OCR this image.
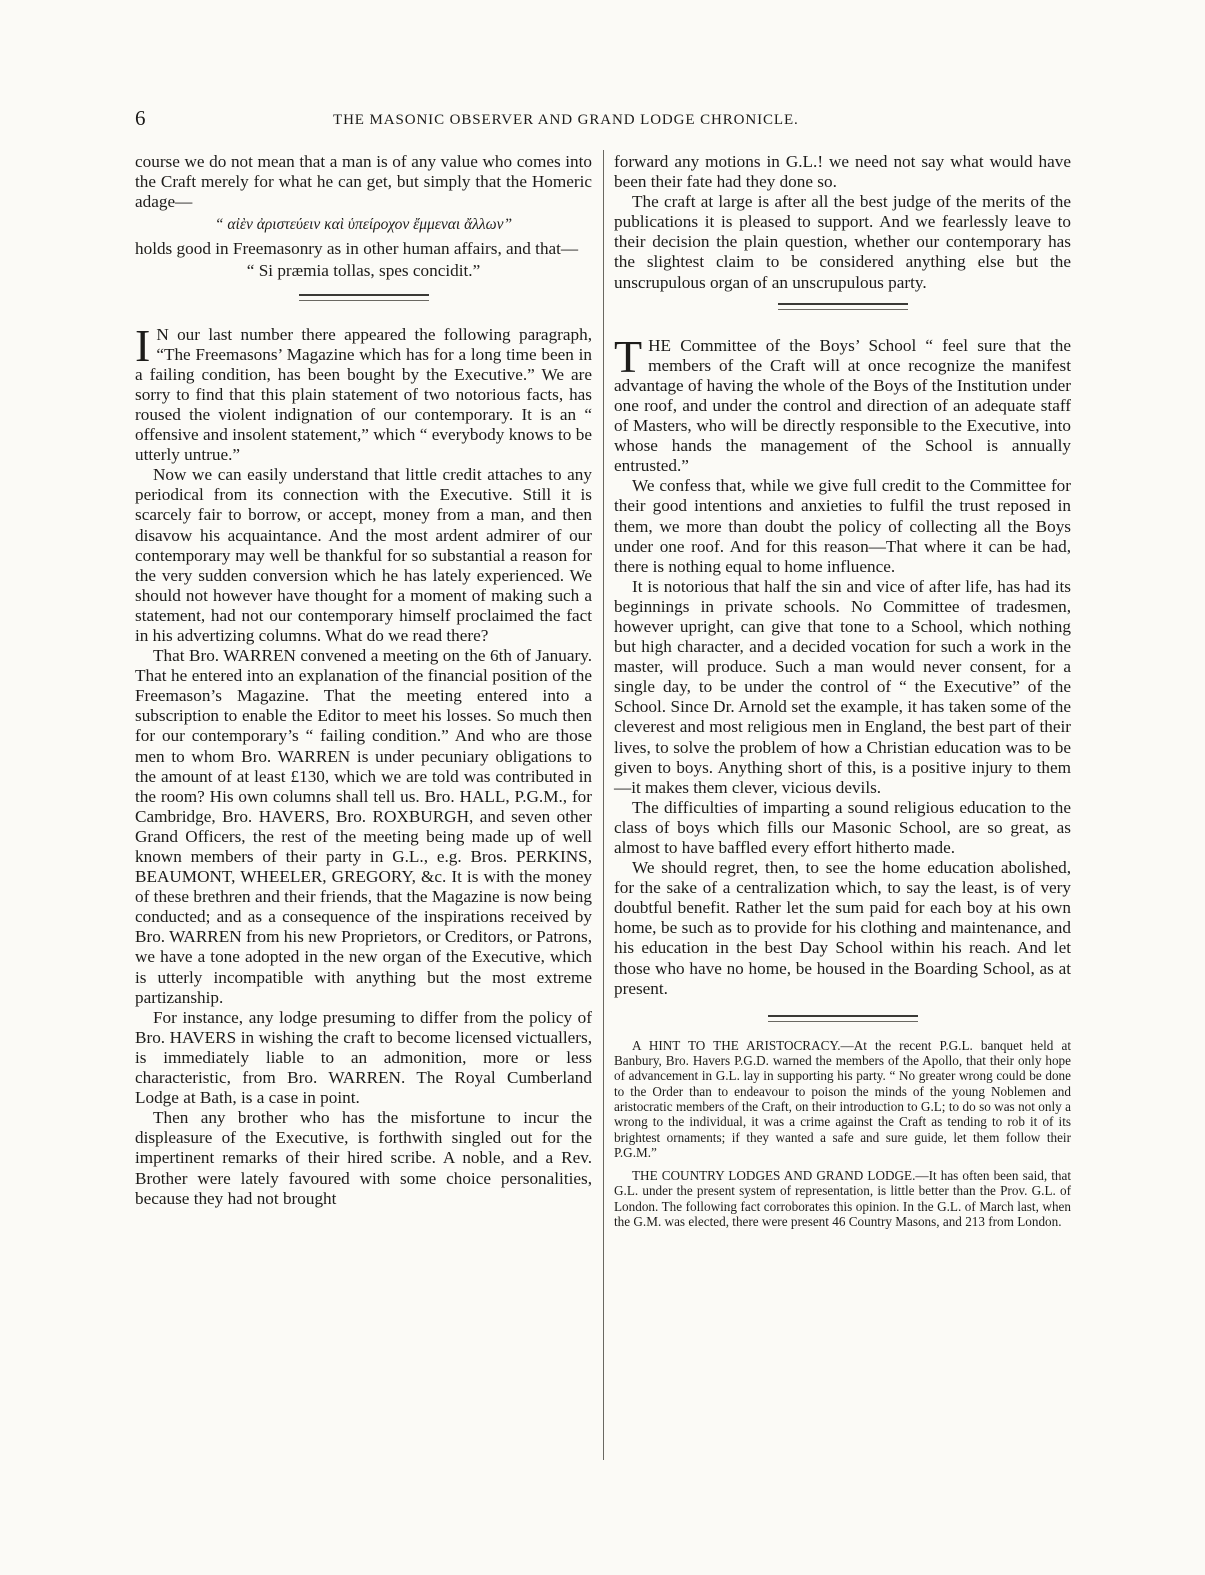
6	THE MASONIC OBSERVER AND GRAND LODGE CHRONICLE.

course we do not mean that a man is of any value who comes into the Craft merely for what he can get, but simply that the Homeric adage—

“ αἰὲν ἀριστεύειν καὶ ὑπείροχον ἔμμεναι ἄλλων”

holds good in Freemasonry as in other human affairs, and that—

“ Si præmia tollas, spes concidit.”

I N our last number there appeared the following paragraph, “The Freemasons’ Magazine which has for a long time been in a failing condition, has been bought by the Executive.” We are sorry to find that this plain statement of two notorious facts, has roused the violent indignation of our contemporary. It is an “ offensive and insolent statement,” which “ everybody knows to be utterly untrue.”

Now we can easily understand that little credit attaches to any periodical from its connection with the Executive. Still it is scarcely fair to borrow, or accept, money from a man, and then disavow his acquaintance. And the most ardent admirer of our contemporary may well be thankful for so substantial a reason for the very sudden conversion which he has lately experienced. We should not however have thought for a moment of making such a statement, had not our contemporary himself proclaimed the fact in his advertizing columns. What do we read there?

That Bro. WARREN convened a meeting on the 6th of January. That he entered into an explanation of the financial position of the Freemason’s Magazine. That the meeting entered into a subscription to enable the Editor to meet his losses. So much then for our contemporary’s “ failing condition.” And who are those men to whom Bro. WARREN is under pecuniary obligations to the amount of at least £130, which we are told was contributed in the room? His own columns shall tell us. Bro. HALL, P.G.M., for Cambridge, Bro. HAVERS, Bro. ROXBURGH, and seven other Grand Officers, the rest of the meeting being made up of well known members of their party in G.L., e.g. Bros. PERKINS, BEAUMONT, WHEELER, GREGORY, &c. It is with the money of these brethren and their friends, that the Magazine is now being conducted; and as a consequence of the inspirations received by Bro. WARREN from his new Proprietors, or Creditors, or Patrons, we have a tone adopted in the new organ of the Executive, which is utterly incompatible with anything but the most extreme partizanship.

For instance, any lodge presuming to differ from the policy of Bro. HAVERS in wishing the craft to become licensed victuallers, is immediately liable to an admonition, more or less characteristic, from Bro. WARREN. The Royal Cumberland Lodge at Bath, is a case in point.

Then any brother who has the misfortune to incur the displeasure of the Executive, is forthwith singled out for the impertinent remarks of their hired scribe. A noble, and a Rev. Brother were lately favoured with some choice personalities, because they had not brought

forward any motions in G.L.! we need not say what would have been their fate had they done so.

The craft at large is after all the best judge of the merits of the publications it is pleased to support. And we fearlessly leave to their decision the plain question, whether our contemporary has the slightest claim to be considered anything else but the unscrupulous organ of an unscrupulous party.

THE Committee of the Boys’ School “ feel sure that the members of the Craft will at once recognize the manifest advantage of having the whole of the Boys of the Institution under one roof, and under the control and direction of an adequate staff of Masters, who will be directly responsible to the Executive, into whose hands the management of the School is annually entrusted.”

We confess that, while we give full credit to the Committee for their good intentions and anxieties to fulfil the trust reposed in them, we more than doubt the policy of collecting all the Boys under one roof. And for this reason—That where it can be had, there is nothing equal to home influence.

It is notorious that half the sin and vice of after life, has had its beginnings in private schools. No Committee of tradesmen, however upright, can give that tone to a School, which nothing but high character, and a decided vocation for such a work in the master, will produce. Such a man would never consent, for a single day, to be under the control of “ the Executive” of the School. Since Dr. Arnold set the example, it has taken some of the cleverest and most religious men in England, the best part of their lives, to solve the problem of how a Christian education was to be given to boys. Anything short of this, is a positive injury to them—it makes them clever, vicious devils.

The difficulties of imparting a sound religious education to the class of boys which fills our Masonic School, are so great, as almost to have baffled every effort hitherto made.

We should regret, then, to see the home education abolished, for the sake of a centralization which, to say the least, is of very doubtful benefit. Rather let the sum paid for each boy at his own home, be such as to provide for his clothing and maintenance, and his education in the best Day School within his reach. And let those who have no home, be housed in the Boarding School, as at present.

A HINT TO THE ARISTOCRACY.—At the recent P.G.L. banquet held at Banbury, Bro. Havers P.G.D. warned the members of the Apollo, that their only hope of advancement in G.L. lay in supporting his party. “ No greater wrong could be done to the Order than to endeavour to poison the minds of the young Noblemen and aristocratic members of the Craft, on their introduction to G.L; to do so was not only a wrong to the individual, it was a crime against the Craft as tending to rob it of its brightest ornaments; if they wanted a safe and sure guide, let them follow their P.G.M.”

THE COUNTRY LODGES AND GRAND LODGE.—It has often been said, that G.L. under the present system of representation, is little better than the Prov. G.L. of London. The following fact corroborates this opinion. In the G.L. of March last, when the G.M. was elected, there were present 46 Country Masons, and 213 from London.
